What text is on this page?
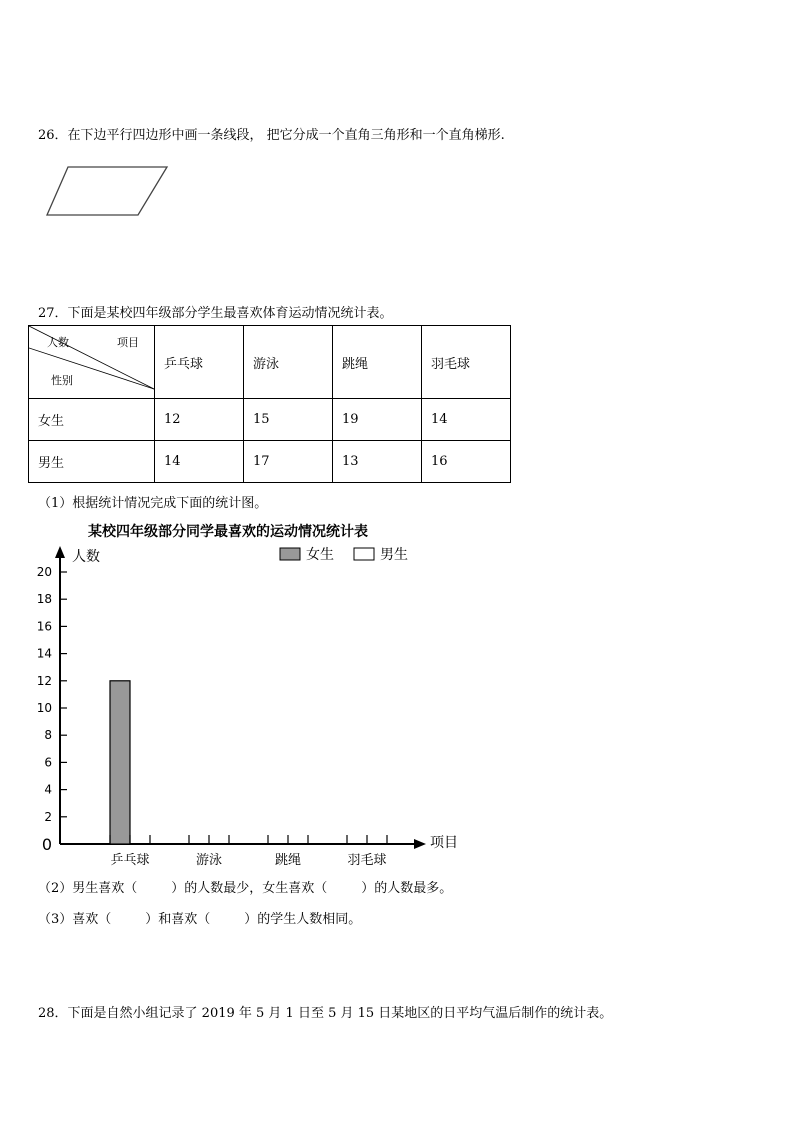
26．在下边平行四边形中画一条线段， 把它分成一个直角三角形和一个直角梯形.
27．下面是某校四年级部分学生最喜欢体育运动情况统计表。
项目
人数
性别	乒乓球	游泳	跳绳	羽毛球
女生	12	15	19	14
男生	14	17	13	16
（1）根据统计情况完成下面的统计图。
某校四年级部分同学最喜欢的运动情况统计表
人数
项目
女生	男生
0
2
4
6
8
10
12
14
16
18
20
乒乓球	游泳	跳绳	羽毛球
（2）男生喜欢（	）的人数最少，女生喜欢（	）的人数最多。
（3）喜欢（	）和喜欢（	）的学生人数相同。
28．下面是自然小组记录了 2019 年 5 月 1 日至 5 月 15 日某地区的日平均气温后制作的统计表。
